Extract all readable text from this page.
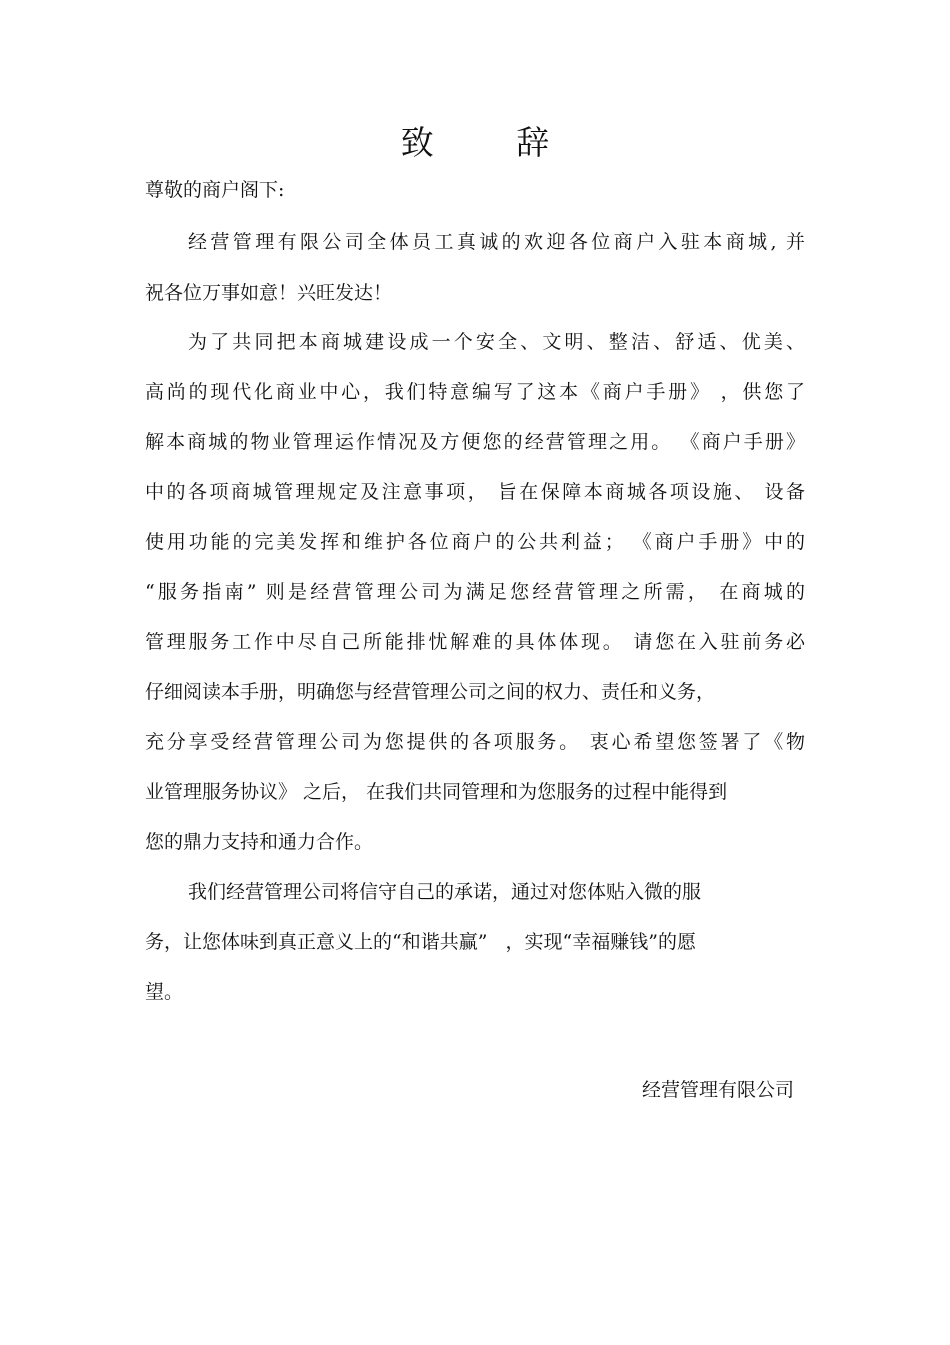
致 辞
尊敬的商户阁下:
经营管理有限公司全体员工真诚的欢迎各位商户入驻本商城, 并
祝各位万事如意！兴旺发达！
为了共同把本商城建设成一个安全、文明、整洁、舒适、优美、
高尚的现代化商业中心，我们特意编写了这本《商户手册》 ，供您了
解本商城的物业管理运作情况及方便您的经营管理之用。 《商户手册》
中的各项商城管理规定及注意事项， 旨在保障本商城各项设施、 设备
使用功能的完美发挥和维护各位商户的公共利益； 《商户手册》中的
“服务指南” 则是经营管理公司为满足您经营管理之所需， 在商城的
管理服务工作中尽自己所能排忧解难的具体体现。 请您在入驻前务必
仔细阅读本手册，明确您与经营管理公司之间的权力、责任和义务，
充分享受经营管理公司为您提供的各项服务。 衷心希望您签署了《物
业管理服务协议》 之后， 在我们共同管理和为您服务的过程中能得到
您的鼎力支持和通力合作。
我们经营管理公司将信守自己的承诺，通过对您体贴入微的服
务，让您体味到真正意义上的“和谐共赢”   ，实现“幸福赚钱”的愿
望。
经营管理有限公司
